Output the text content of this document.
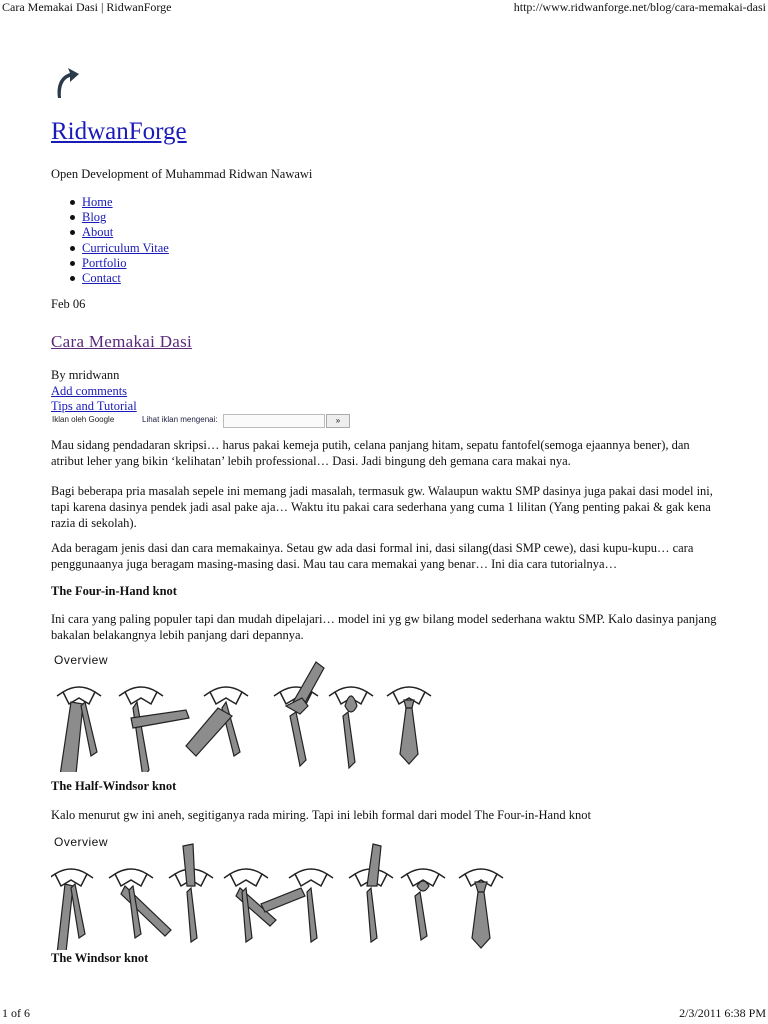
Cara Memakai Dasi | RidwanForge	http://www.ridwanforge.net/blog/cara-memakai-dasi
RidwanForge
Open Development of Muhammad Ridwan Nawawi
Home
Blog
About
Curriculum Vitae
Portfolio
Contact
Feb 06
Cara Memakai Dasi
By mridwann
Add comments
Tips and Tutorial
Iklan oleh Google	Lihat iklan mengenai:	»

Mau sidang pendadaran skripsi… harus pakai kemeja putih, celana panjang hitam, sepatu fantofel(semoga ejaannya bener), dan atribut leher yang bikin ‘kelihatan’ lebih professional… Dasi. Jadi bingung deh gemana cara makai nya.

Bagi beberapa pria masalah sepele ini memang jadi masalah, termasuk gw. Walaupun waktu SMP dasinya juga pakai dasi model ini, tapi karena dasinya pendek jadi asal pake aja… Waktu itu pakai cara sederhana yang cuma 1 lilitan (Yang penting pakai & gak kena razia di sekolah).

Ada beragam jenis dasi dan cara memakainya. Setau gw ada dasi formal ini, dasi silang(dasi SMP cewe), dasi kupu-kupu… cara penggunaanya juga beragam masing-masing dasi. Mau tau cara memakai yang benar… Ini dia cara tutorialnya…

The Four-in-Hand knot

Ini cara yang paling populer tapi dan mudah dipelajari… model ini yg gw bilang model sederhana waktu SMP. Kalo dasinya panjang bakalan belakangnya lebih panjang dari depannya.

Overview
The Half-Windsor knot

Kalo menurut gw ini aneh, segitiganya rada miring. Tapi ini lebih formal dari model The Four-in-Hand knot

Overview
The Windsor knot
1 of 6	2/3/2011 6:38 PM
